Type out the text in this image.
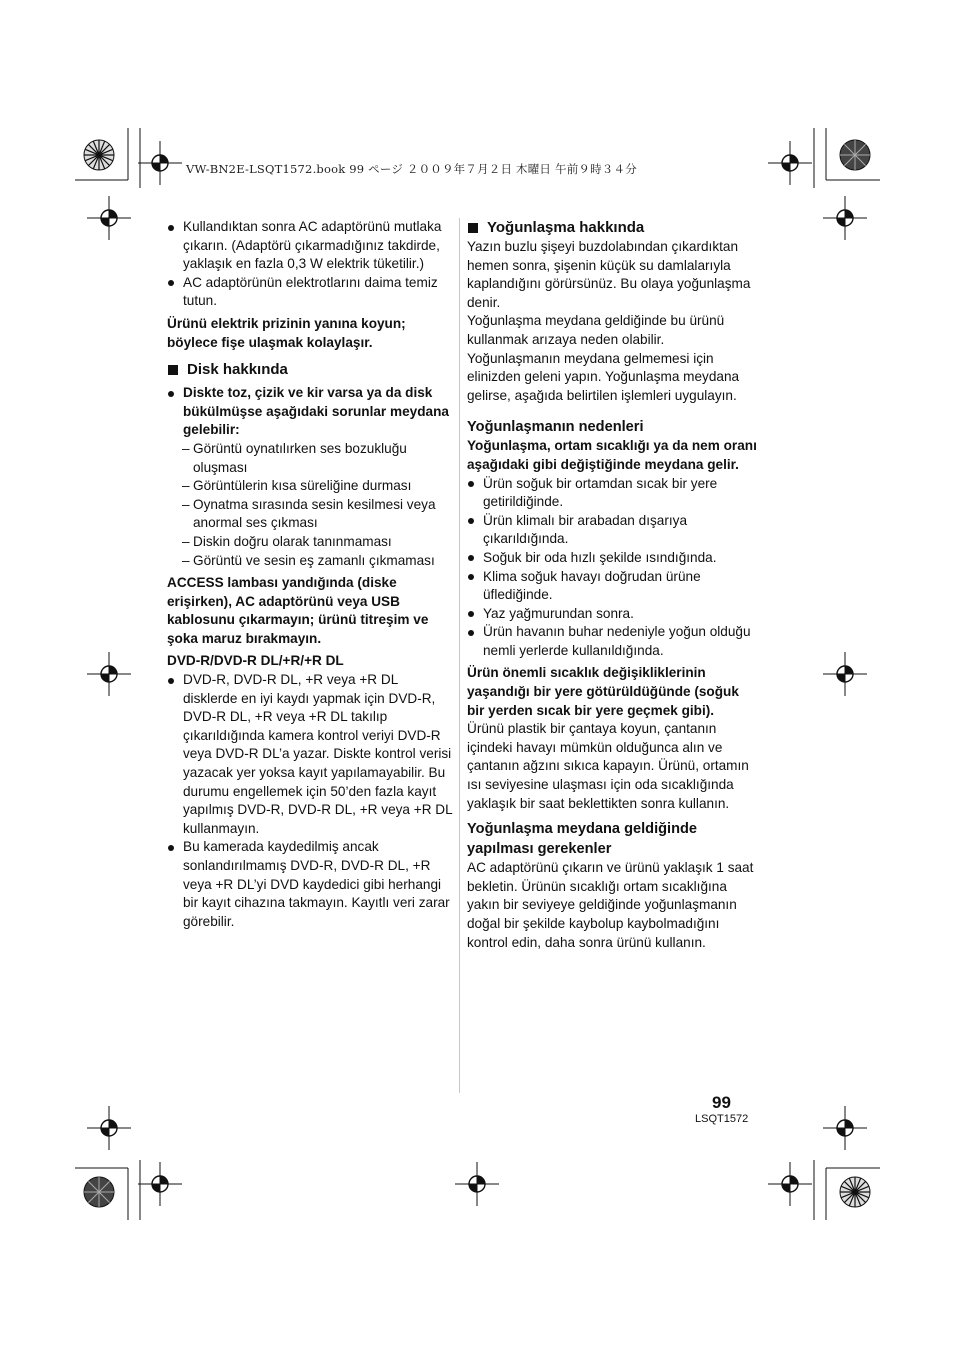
VW-BN2E-LSQT1572.book 99 ページ ２００９年７月２日 木曜日 午前９時３４分
Kullandıktan sonra AC adaptörünü mutlaka çıkarın. (Adaptörü çıkarmadığınız takdirde, yaklaşık en fazla 0,3 W elektrik tüketilir.)
AC adaptörünün elektrotlarını daima temiz tutun.
Ürünü elektrik prizinin yanına koyun; böylece fişe ulaşmak kolaylaşır.
Disk hakkında
Diskte toz, çizik ve kir varsa ya da disk bükülmüşse aşağıdaki sorunlar meydana gelebilir:
– Görüntü oynatılırken ses bozukluğu oluşması
– Görüntülerin kısa süreliğine durması
– Oynatma sırasında sesin kesilmesi veya anormal ses çıkması
– Diskin doğru olarak tanınmaması
– Görüntü ve sesin eş zamanlı çıkmaması
ACCESS lambası yandığında (diske erişirken), AC adaptörünü veya USB kablosunu çıkarmayın; ürünü titreşim ve şoka maruz bırakmayın.
DVD-R/DVD-R DL/+R/+R DL
DVD-R, DVD-R DL, +R veya +R DL disklerde en iyi kaydı yapmak için DVD-R, DVD-R DL, +R veya +R DL takılıp çıkarıldığında kamera kontrol veriyi DVD-R veya DVD-R DL’a yazar. Diskte kontrol verisi yazacak yer yoksa kayıt yapılamayabilir. Bu durumu engellemek için 50’den fazla kayıt yapılmış DVD-R, DVD-R DL, +R veya +R DL kullanmayın.
Bu kamerada kaydedilmiş ancak sonlandırılmamış DVD-R, DVD-R DL, +R veya +R DL’yi DVD kaydedici gibi herhangi bir kayıt cihazına takmayın. Kayıtlı veri zarar görebilir.
Yoğunlaşma hakkında
Yazın buzlu şişeyi buzdolabından çıkardıktan hemen sonra, şişenin küçük su damlalarıyla kaplandığını görürsünüz. Bu olaya yoğunlaşma denir.
Yoğunlaşma meydana geldiğinde bu ürünü kullanmak arızaya neden olabilir. Yoğunlaşmanın meydana gelmemesi için elinizden geleni yapın. Yoğunlaşma meydana gelirse, aşağıda belirtilen işlemleri uygulayın.
Yoğunlaşmanın nedenleri
Yoğunlaşma, ortam sıcaklığı ya da nem oranı aşağıdaki gibi değiştiğinde meydana gelir.
Ürün soğuk bir ortamdan sıcak bir yere getirildiğinde.
Ürün klimalı bir arabadan dışarıya çıkarıldığında.
Soğuk bir oda hızlı şekilde ısındığında.
Klima soğuk havayı doğrudan ürüne üflediğinde.
Yaz yağmurundan sonra.
Ürün havanın buhar nedeniyle yoğun olduğu nemli yerlerde kullanıldığında.
Ürün önemli sıcaklık değişikliklerinin yaşandığı bir yere götürüldüğünde (soğuk bir yerden sıcak bir yere geçmek gibi).
Ürünü plastik bir çantaya koyun, çantanın içindeki havayı mümkün olduğunca alın ve çantanın ağzını sıkıca kapayın. Ürünü, ortamın ısı seviyesine ulaşması için oda sıcaklığında yaklaşık bir saat beklettikten sonra kullanın.
Yoğunlaşma meydana geldiğinde yapılması gerekenler
AC adaptörünü çıkarın ve ürünü yaklaşık 1 saat bekletin. Ürünün sıcaklığı ortam sıcaklığına yakın bir seviyeye geldiğinde yoğunlaşmanın doğal bir şekilde kaybolup kaybolmadığını kontrol edin, daha sonra ürünü kullanın.
99
LSQT1572
